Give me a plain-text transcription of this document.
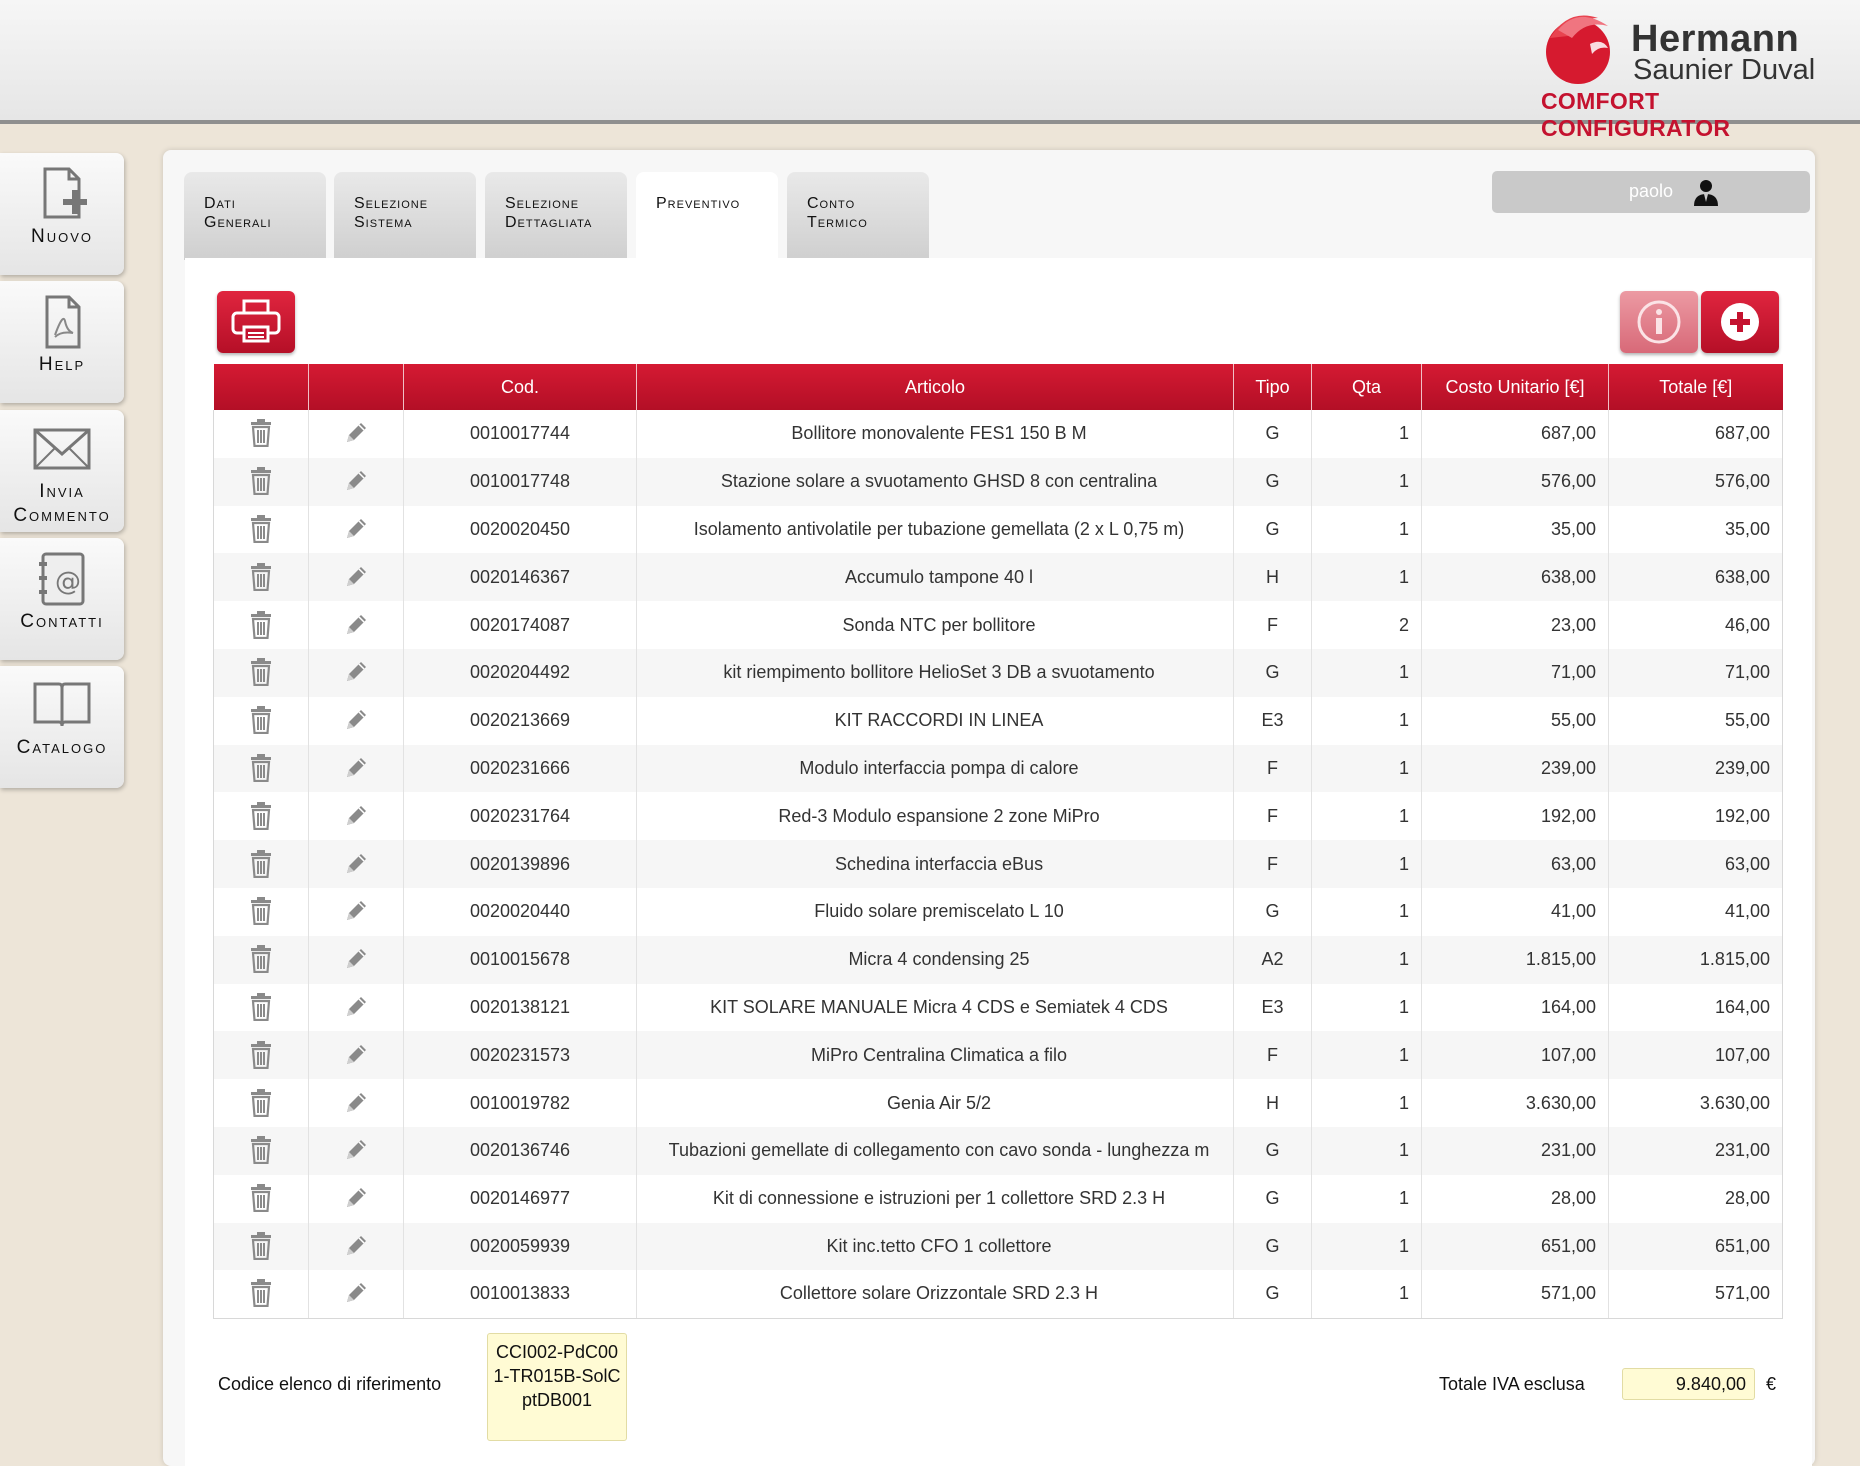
Hermann
Saunier Duval
COMFORT CONFIGURATOR
Nuovo
Help
Invia
Commento
@
Contatti
Catalogo
Dati
Generali
Selezione
Sistema
Selezione
Dettagliata
Preventivo	Conto
Termico
paolo
		Cod.	Articolo	Tipo	Qta	Costo Unitario [€]	Totale [€]
		0010017744	Bollitore monovalente FES1 150 B M	G	1	687,00	687,00
		0010017748	Stazione solare a svuotamento GHSD 8 con centralina	G	1	576,00	576,00
		0020020450	Isolamento antivolatile per tubazione gemellata (2 x L 0,75 m)	G	1	35,00	35,00
		0020146367	Accumulo tampone 40 l	H	1	638,00	638,00
		0020174087	Sonda NTC per bollitore	F	2	23,00	46,00
		0020204492	kit riempimento bollitore HelioSet 3 DB a svuotamento	G	1	71,00	71,00
		0020213669	KIT RACCORDI IN LINEA	E3	1	55,00	55,00
		0020231666	Modulo interfaccia pompa di calore	F	1	239,00	239,00
		0020231764	Red-3 Modulo espansione 2 zone MiPro	F	1	192,00	192,00
		0020139896	Schedina interfaccia eBus	F	1	63,00	63,00
		0020020440	Fluido solare premiscelato L 10	G	1	41,00	41,00
		0010015678	Micra 4 condensing 25	A2	1	1.815,00	1.815,00
		0020138121	KIT SOLARE MANUALE Micra 4 CDS e Semiatek 4 CDS	E3	1	164,00	164,00
		0020231573	MiPro Centralina Climatica a filo	F	1	107,00	107,00
		0010019782	Genia Air 5/2	H	1	3.630,00	3.630,00
		0020136746	Tubazioni gemellate di collegamento con cavo sonda - lunghezza m	G	1	231,00	231,00
		0020146977	Kit di connessione e istruzioni per 1 collettore SRD 2.3 H	G	1	28,00	28,00
		0020059939	Kit inc.tetto CFO 1 collettore	G	1	651,00	651,00
		0010013833	Collettore solare Orizzontale SRD 2.3 H	G	1	571,00	571,00
Codice elenco di riferimento
CCI002-PdC001-TR015B-SolCptDB001
Totale IVA esclusa	9.840,00	€
